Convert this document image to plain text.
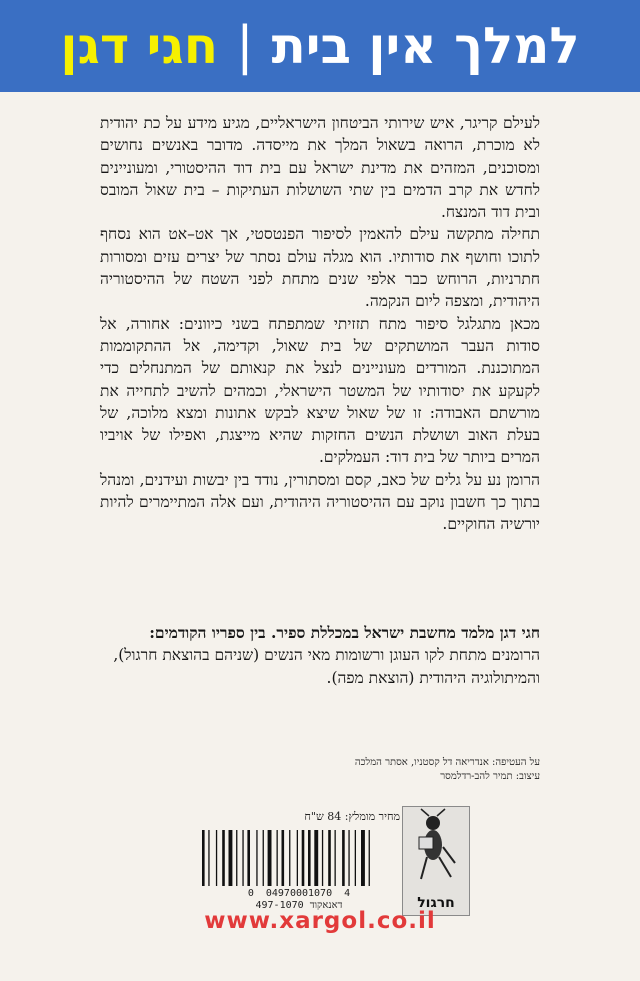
למלך אין בית
|
חגי דגן

לעילם קריגר, איש שירותי הביטחון הישראליים, מגיע מידע על כת יהודית לא מוכרת, הרואה בשאול המלך את מייסדה. מדובר באנשים נחושים ומסוכנים, המזהים את מדינת ישראל עם בית דוד ההיסטורי, ומעוניינים לחדש את קרב הדמים בין שתי השושלות העתיקות – בית שאול המובס ובית דוד המנצח.

תחילה מתקשה עילם להאמין לסיפור הפנטסטי, אך אט–אט הוא נסחף לתוכו וחושף את סודותיו. הוא מגלה עולם נסתר של יצרים עזים ומסורות חתרניות, הרוחש כבר אלפי שנים מתחת לפני השטח של ההיסטוריה היהודית, ומצפה ליום הנקמה.

מכאן מתגלגל סיפור מתח תזזיתי שמתפתח בשני כיוונים: אחורה, אל סודות העבר המושתקים של בית שאול, וקדימה, אל ההתקוממות המתוכננת. המורדים מעוניינים לנצל את קנאותם של המתנחלים כדי לקעקע את יסודותיו של המשטר הישראלי, וכמהים להשיב לתחייה את מורשתם האבודה: זו של שאול שיצא לבקש אתונות ומצא מלוכה, של בעלת האוב ושושלת הנשים החזקות שהיא מייצגת, ואפילו של אויביו המרים ביותר של בית דוד: העמלקים.

הרומן נע על גלים של כאב, קסם ומסתורין, נודד בין יבשות ועידנים, ומנהל בתוך כך חשבון נוקב עם ההיסטוריה היהודית, ועם אלה המתיימרים להיות יורשיה החוקיים.

חגי דגן מלמד מחשבת ישראל במכללת ספיר. בין ספריו הקודמים:

הרומנים מתחת לקו העוגן ורשומות מאי הנשים (שניהם בהוצאת חרגול), והמיתולוגיה היהודית (הוצאת מפה).

על העטיפה: אנדריאה דל קסטניו, אסתר המלכה
עיצוב: תמיר להב-רדלמסר
מחיר מומלץ: 84 ש"ח
0  04970001070  4
497-1070 דאנאקוד	חרגול
www.xargol.co.il
